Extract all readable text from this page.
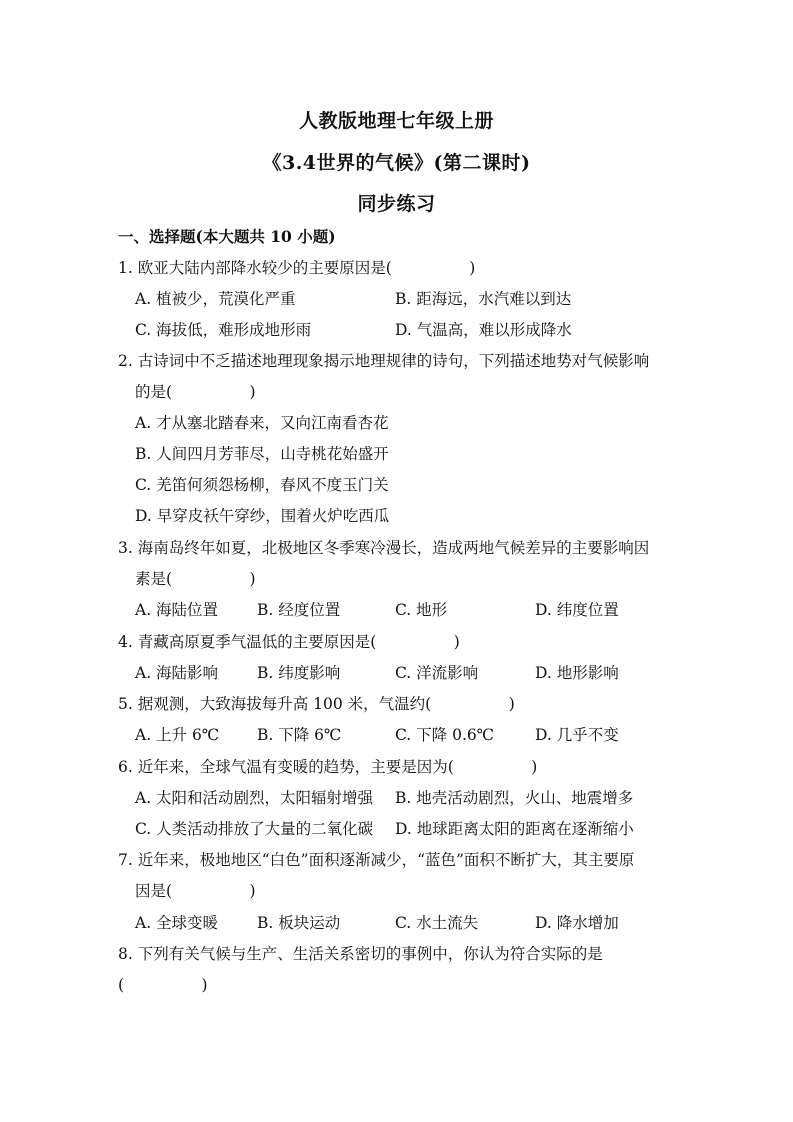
人教版地理七年级上册
《3.4世界的气候》(第二课时)
同步练习
一、选择题(本大题共 10 小题)
1. 欧亚大陆内部降水较少的主要原因是(　　　　　)
A. 植被少，荒漠化严重	B. 距海远，水汽难以到达
C. 海拔低，难形成地形雨	D. 气温高，难以形成降水
2. 古诗词中不乏描述地理现象揭示地理规律的诗句，下列描述地势对气候影响
的是(　　　　　)
A. 才从塞北踏春来，又向江南看杏花
B. 人间四月芳菲尽，山寺桃花始盛开
C. 羌笛何须怨杨柳，春风不度玉门关
D. 早穿皮袄午穿纱，围着火炉吃西瓜
3. 海南岛终年如夏，北极地区冬季寒冷漫长，造成两地气候差异的主要影响因
素是(　　　　　)
A. 海陆位置	B. 经度位置	C. 地形	D. 纬度位置
4. 青藏高原夏季气温低的主要原因是(　　　　　)
A. 海陆影响	B. 纬度影响	C. 洋流影响	D. 地形影响
5. 据观测，大致海拔每升高 100 米，气温约(　　　　　)
A. 上升 6℃ B. 下降 6℃	C. 下降 0.6℃	D. 几乎不变
6. 近年来，全球气温有变暖的趋势，主要是因为(　　　　　)
A. 太阳和活动剧烈，太阳辐射增强 B. 地壳活动剧烈，火山、地震增多
C. 人类活动排放了大量的二氧化碳 D. 地球距离太阳的距离在逐渐缩小
7. 近年来，极地地区“白色”面积逐渐减少，“蓝色”面积不断扩大，其主要原
因是(　　　　　)
A. 全球变暖	B. 板块运动	C. 水土流失	D. 降水增加
8. 下列有关气候与生产、生活关系密切的事例中，你认为符合实际的是
(　　　　　)
